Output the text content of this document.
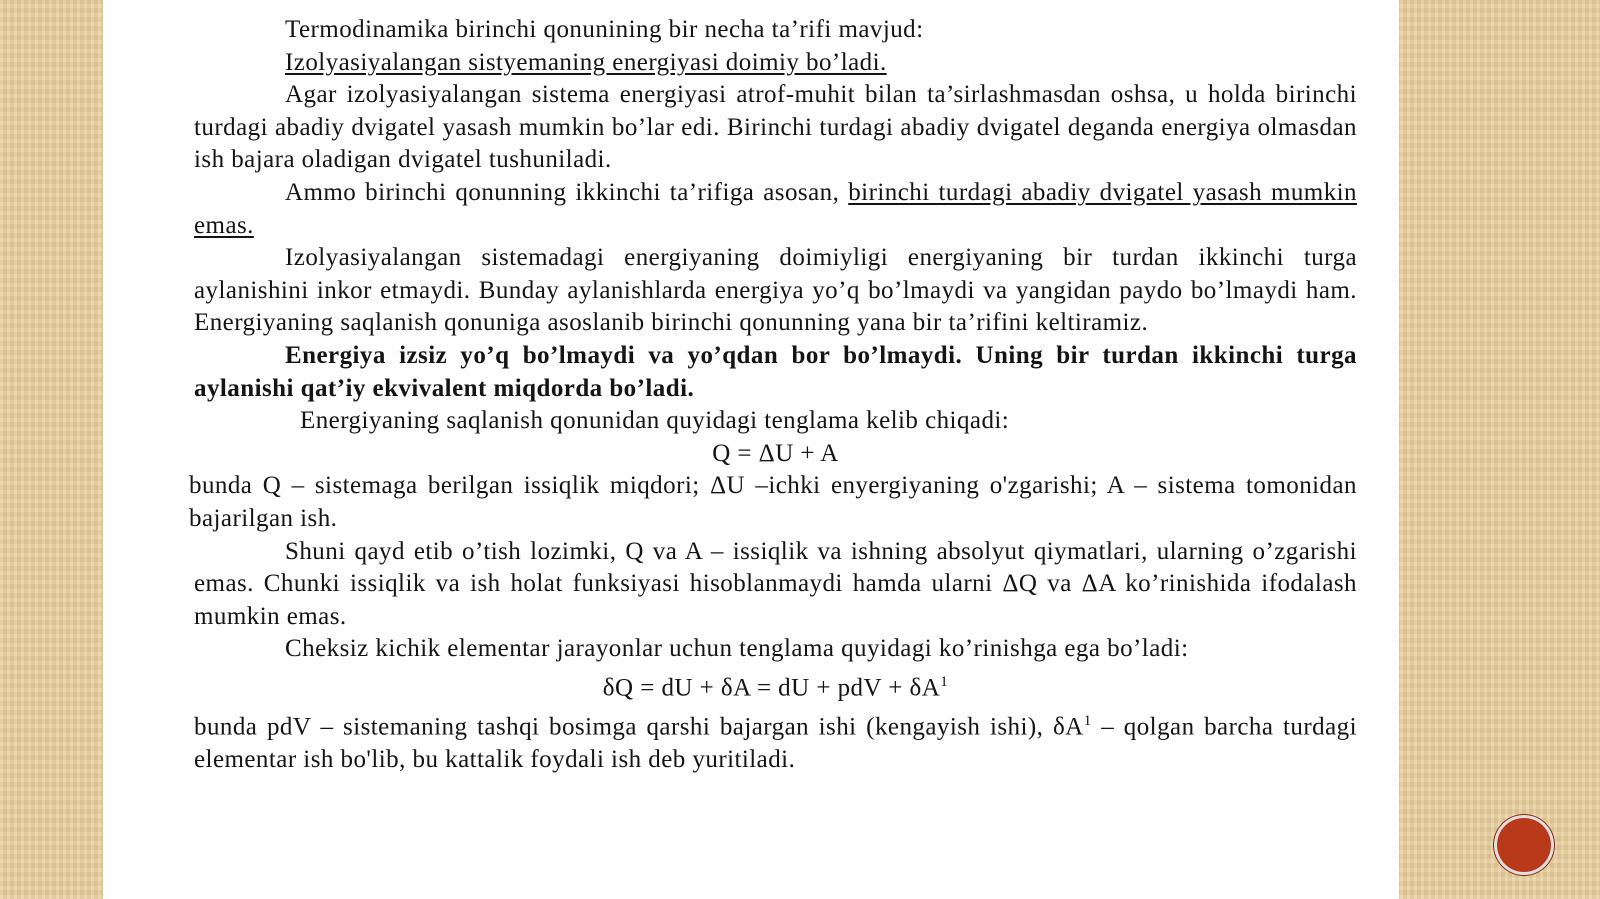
Termodinamika birinchi qonunining bir necha ta’rifi mavjud:

Izolyasiyalangan sistyemaning energiyasi doimiy bo’ladi.

Agar izolyasiyalangan sistema energiyasi atrof-muhit bilan ta’sirlashmasdan oshsa, u holda birinchi turdagi abadiy dvigatel yasash mumkin bo’lar edi. Birinchi turdagi abadiy dvigatel deganda energiya olmasdan ish bajara oladigan dvigatel tushuniladi.

Ammo birinchi qonunning ikkinchi ta’rifiga asosan, birinchi turdagi abadiy dvigatel yasash mumkin emas.

Izolyasiyalangan sistemadagi energiyaning doimiyligi energiyaning bir turdan ikkinchi turga aylanishini inkor etmaydi. Bunday aylanishlarda energiya yo’q bo’lmaydi va yangidan paydo bo’lmaydi ham. Energiyaning saqlanish qonuniga asoslanib birinchi qonunning yana bir ta’rifini keltiramiz.

Energiya izsiz yo’q bo’lmaydi va yo’qdan bor bo’lmaydi. Uning bir turdan ikkinchi turga aylanishi qat’iy ekvivalent miqdorda bo’ladi.

Energiyaning saqlanish qonunidan quyidagi tenglama kelib chiqadi:

Q = ΔU + A

bunda Q – sistemaga berilgan issiqlik miqdori; ΔU –ichki enyergiyaning o'zgarishi; A – sistema tomonidan bajarilgan ish.

Shuni qayd etib o’tish lozimki, Q va A – issiqlik va ishning absolyut qiymatlari, ularning o’zgarishi emas. Chunki issiqlik va ish holat funksiyasi hisoblanmaydi hamda ularni ΔQ va ΔA ko’rinishida ifodalash mumkin emas.

Cheksiz kichik elementar jarayonlar uchun tenglama quyidagi ko’rinishga ega bo’ladi:

δQ = dU + δA = dU + pdV + $\delta A^1$

bunda pdV – sistemaning tashqi bosimga qarshi bajargan ishi (kengayish ishi), $\delta A^1$ – qolgan barcha turdagi elementar ish bo'lib, bu kattalik foydali ish deb yuritiladi.
